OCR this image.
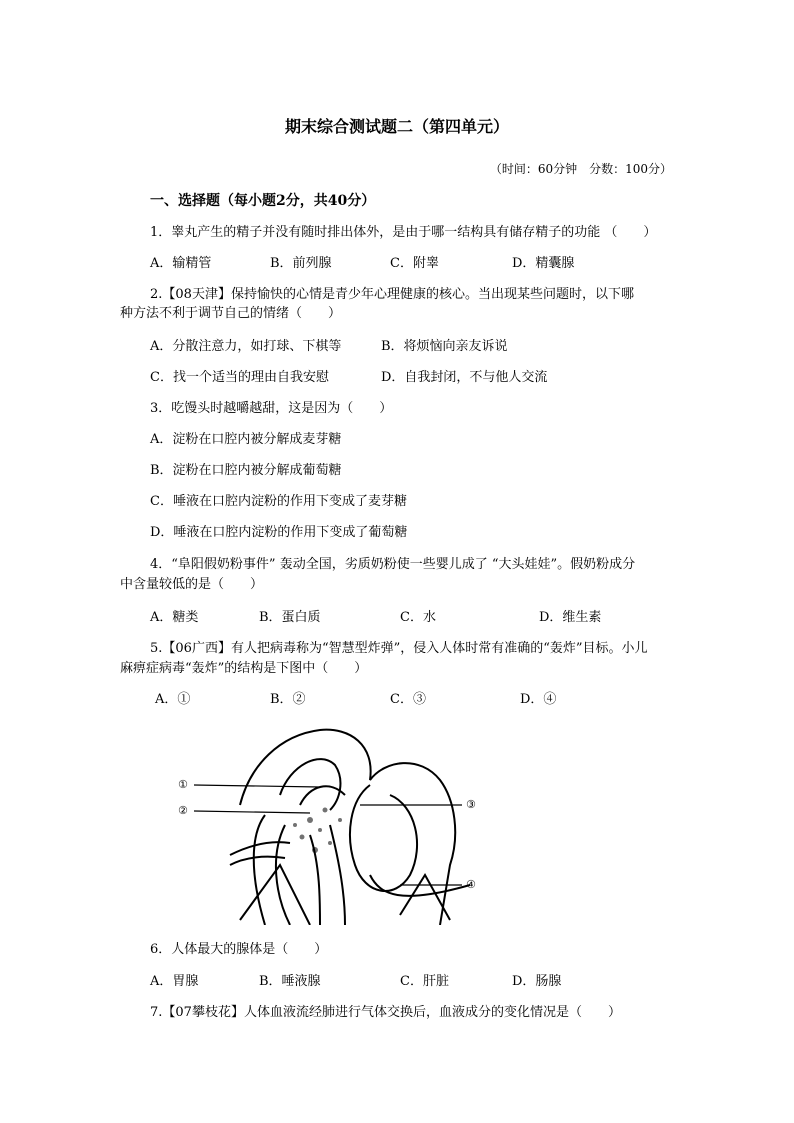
期末综合测试题二（第四单元）
（时间：60分钟　分数：100分）
一、选择题（每小题2分，共40分）
1．睾丸产生的精子并没有随时排出体外，是由于哪一结构具有储存精子的功能 （　　）
A．输精管	B．前列腺	C．附睾	D．精囊腺
2.【08天津】保持愉快的心情是青少年心理健康的核心。当出现某些问题时，以下哪
种方法不利于调节自己的情绪（　　）
A．分散注意力，如打球、下棋等	B．将烦恼向亲友诉说
C．找一个适当的理由自我安慰	D．自我封闭，不与他人交流
3．吃馒头时越嚼越甜，这是因为（　　）
A．淀粉在口腔内被分解成麦芽糖
B．淀粉在口腔内被分解成葡萄糖
C．唾液在口腔内淀粉的作用下变成了麦芽糖
D．唾液在口腔内淀粉的作用下变成了葡萄糖
4．“阜阳假奶粉事件” 轰动全国，劣质奶粉使一些婴儿成了 “大头娃娃”。假奶粉成分
中含量较低的是（　　）
A．糖类	B．蛋白质	C．水	D．维生素
5.【06广西】有人把病毒称为“智慧型炸弹”，侵入人体时常有准确的“轰炸”目标。小儿
麻痹症病毒“轰炸”的结构是下图中（　　）
A．①	B．②	C．③	D．④
①
②	③
④
6．人体最大的腺体是（　　）
A．胃腺	B．唾液腺	C．肝脏	D．肠腺
7.【07攀枝花】人体血液流经肺进行气体交换后，血液成分的变化情况是（　　）
